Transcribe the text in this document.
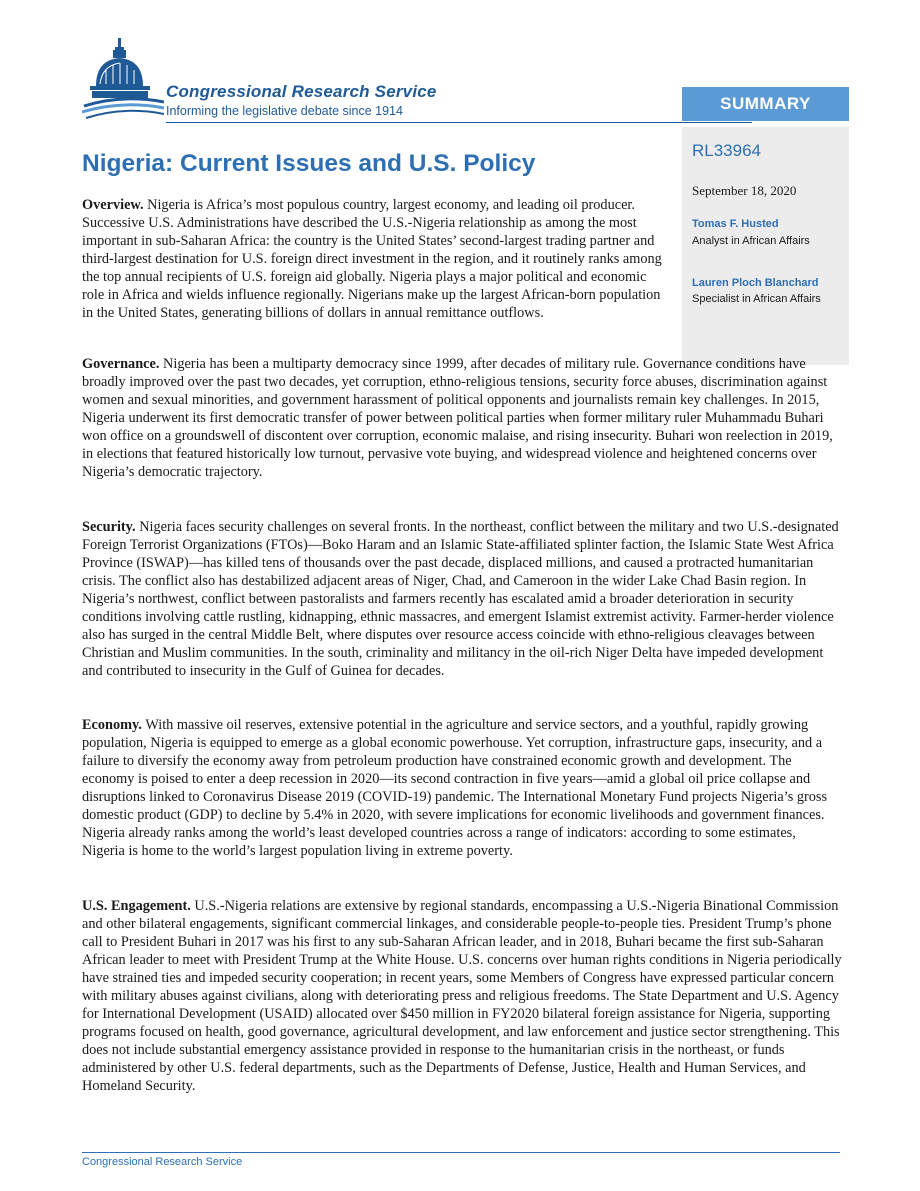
Congressional Research Service
Informing the legislative debate since 1914	SUMMARY
RL33964
September 18, 2020
Tomas F. Husted
Analyst in African Affairs
Lauren Ploch Blanchard
Specialist in African Affairs
Nigeria: Current Issues and U.S. Policy

Overview. Nigeria is Africa’s most populous country, largest economy, and leading oil producer. Successive U.S. Administrations have described the U.S.-Nigeria relationship as among the most important in sub-Saharan Africa: the country is the United States’ second-largest trading partner and third-largest destination for U.S. foreign direct investment in the region, and it routinely ranks among the top annual recipients of U.S. foreign aid globally. Nigeria plays a major political and economic role in Africa and wields influence regionally. Nigerians make up the largest African-born population in the United States, generating billions of dollars in annual remittance outflows.

Governance. Nigeria has been a multiparty democracy since 1999, after decades of military rule. Governance conditions have broadly improved over the past two decades, yet corruption, ethno-religious tensions, security force abuses, discrimination against women and sexual minorities, and government harassment of political opponents and journalists remain key challenges. In 2015, Nigeria underwent its first democratic transfer of power between political parties when former military ruler Muhammadu Buhari won office on a groundswell of discontent over corruption, economic malaise, and rising insecurity. Buhari won reelection in 2019, in elections that featured historically low turnout, pervasive vote buying, and widespread violence and heightened concerns over Nigeria’s democratic trajectory.

Security. Nigeria faces security challenges on several fronts. In the northeast, conflict between the military and two U.S.-designated Foreign Terrorist Organizations (FTOs)—Boko Haram and an Islamic State-affiliated splinter faction, the Islamic State West Africa Province (ISWAP)—has killed tens of thousands over the past decade, displaced millions, and caused a protracted humanitarian crisis. The conflict also has destabilized adjacent areas of Niger, Chad, and Cameroon in the wider Lake Chad Basin region. In Nigeria’s northwest, conflict between pastoralists and farmers recently has escalated amid a broader deterioration in security conditions involving cattle rustling, kidnapping, ethnic massacres, and emergent Islamist extremist activity. Farmer-herder violence also has surged in the central Middle Belt, where disputes over resource access coincide with ethno-religious cleavages between Christian and Muslim communities. In the south, criminality and militancy in the oil-rich Niger Delta have impeded development and contributed to insecurity in the Gulf of Guinea for decades.

Economy. With massive oil reserves, extensive potential in the agriculture and service sectors, and a youthful, rapidly growing population, Nigeria is equipped to emerge as a global economic powerhouse. Yet corruption, infrastructure gaps, insecurity, and a failure to diversify the economy away from petroleum production have constrained economic growth and development. The economy is poised to enter a deep recession in 2020—its second contraction in five years—amid a global oil price collapse and disruptions linked to Coronavirus Disease 2019 (COVID-19) pandemic. The International Monetary Fund projects Nigeria’s gross domestic product (GDP) to decline by 5.4% in 2020, with severe implications for economic livelihoods and government finances. Nigeria already ranks among the world’s least developed countries across a range of indicators: according to some estimates, Nigeria is home to the world’s largest population living in extreme poverty.

U.S. Engagement. U.S.-Nigeria relations are extensive by regional standards, encompassing a U.S.-Nigeria Binational Commission and other bilateral engagements, significant commercial linkages, and considerable people-to-people ties. President Trump’s phone call to President Buhari in 2017 was his first to any sub-Saharan African leader, and in 2018, Buhari became the first sub-Saharan African leader to meet with President Trump at the White House. U.S. concerns over human rights conditions in Nigeria periodically have strained ties and impeded security cooperation; in recent years, some Members of Congress have expressed particular concern with military abuses against civilians, along with deteriorating press and religious freedoms. The State Department and U.S. Agency for International Development (USAID) allocated over $450 million in FY2020 bilateral foreign assistance for Nigeria, supporting programs focused on health, good governance, agricultural development, and law enforcement and justice sector strengthening. This does not include substantial emergency assistance provided in response to the humanitarian crisis in the northeast, or funds administered by other U.S. federal departments, such as the Departments of Defense, Justice, Health and Human Services, and Homeland Security.

Congressional Research Service
